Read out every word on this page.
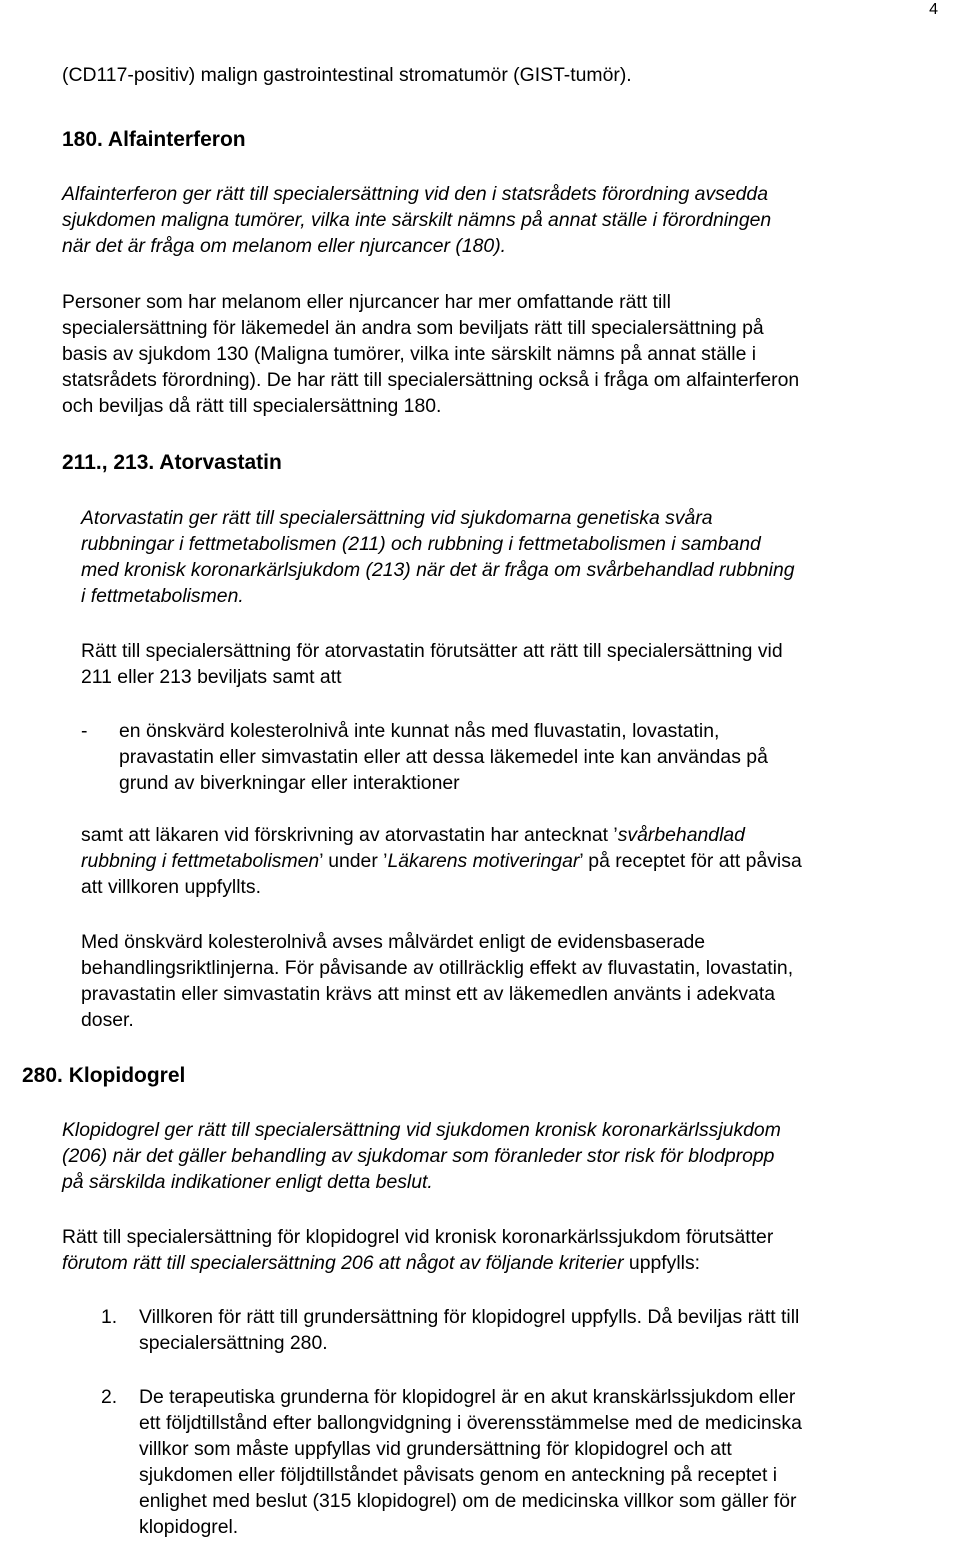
4
(CD117-positiv) malign gastrointestinal stromatumör (GIST-tumör).
180. Alfainterferon
Alfainterferon ger rätt till specialersättning vid den i statsrådets förordning avsedda
sjukdomen maligna tumörer, vilka inte särskilt nämns på annat ställe i förordningen
när det är fråga om melanom eller njurcancer (180).
Personer som har melanom eller njurcancer har mer omfattande rätt till
specialersättning för läkemedel än andra som beviljats rätt till specialersättning på
basis av sjukdom 130 (Maligna tumörer, vilka inte särskilt nämns på annat ställe i
statsrådets förordning). De har rätt till specialersättning också i fråga om alfainterferon
och beviljas då rätt till specialersättning 180.
211., 213. Atorvastatin
Atorvastatin ger rätt till specialersättning vid sjukdomarna genetiska svåra
rubbningar i fettmetabolismen (211) och rubbning i fettmetabolismen i samband
med kronisk koronarkärlsjukdom (213) när det är fråga om svårbehandlad rubbning
i fettmetabolismen.
Rätt till specialersättning för atorvastatin förutsätter att rätt till specialersättning vid
211 eller 213 beviljats samt att
- en önskvärd kolesterolnivå inte kunnat nås med fluvastatin, lovastatin,
pravastatin eller simvastatin eller att dessa läkemedel inte kan användas på
grund av biverkningar eller interaktioner
samt att läkaren vid förskrivning av atorvastatin har antecknat ’svårbehandlad
rubbning i fettmetabolismen’ under ’Läkarens motiveringar’ på receptet för att påvisa
att villkoren uppfyllts.
Med önskvärd kolesterolnivå avses målvärdet enligt de evidensbaserade
behandlingsriktlinjerna. För påvisande av otillräcklig effekt av fluvastatin, lovastatin,
pravastatin eller simvastatin krävs att minst ett av läkemedlen använts i adekvata
doser.
280. Klopidogrel
Klopidogrel ger rätt till specialersättning vid sjukdomen kronisk koronarkärlssjukdom
(206) när det gäller behandling av sjukdomar som föranleder stor risk för blodpropp
på särskilda indikationer enligt detta beslut.
Rätt till specialersättning för klopidogrel vid kronisk koronarkärlssjukdom förutsätter
förutom rätt till specialersättning 206 att något av följande kriterier uppfylls:
1. Villkoren för rätt till grundersättning för klopidogrel uppfylls. Då beviljas rätt till
specialersättning 280.
2. De terapeutiska grunderna för klopidogrel är en akut kranskärlssjukdom eller
ett följdtillstånd efter ballongvidgning i överensstämmelse med de medicinska
villkor som måste uppfyllas vid grundersättning för klopidogrel och att
sjukdomen eller följdtillståndet påvisats genom en anteckning på receptet i
enlighet med beslut (315 klopidogrel) om de medicinska villkor som gäller för
klopidogrel.
